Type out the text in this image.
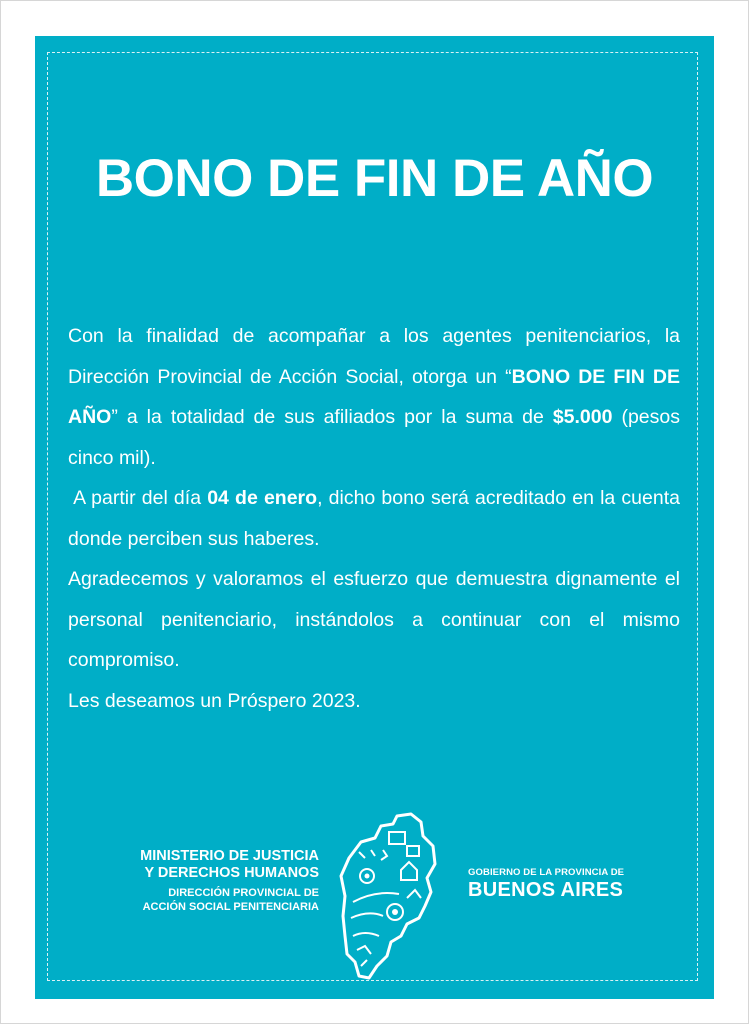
BONO DE FIN DE AÑO

Con la finalidad de acompañar a los agentes penitenciarios, la Dirección Provincial de Acción Social, otorga un “BONO DE FIN DE AÑO” a la totalidad de sus afiliados por la suma de $5.000 (pesos cinco mil).

A partir del día 04 de enero, dicho bono será acreditado en la cuenta donde perciben sus haberes.

Agradecemos y valoramos el esfuerzo que demuestra dignamente el personal penitenciario, instándolos a continuar con el mismo compromiso.

Les deseamos un Próspero 2023.

MINISTERIO DE JUSTICIA
Y DERECHOS HUMANOS
DIRECCIÓN PROVINCIAL DE
ACCIÓN SOCIAL PENITENCIARIA
GOBIERNO DE LA PROVINCIA DE
BUENOS AIRES
